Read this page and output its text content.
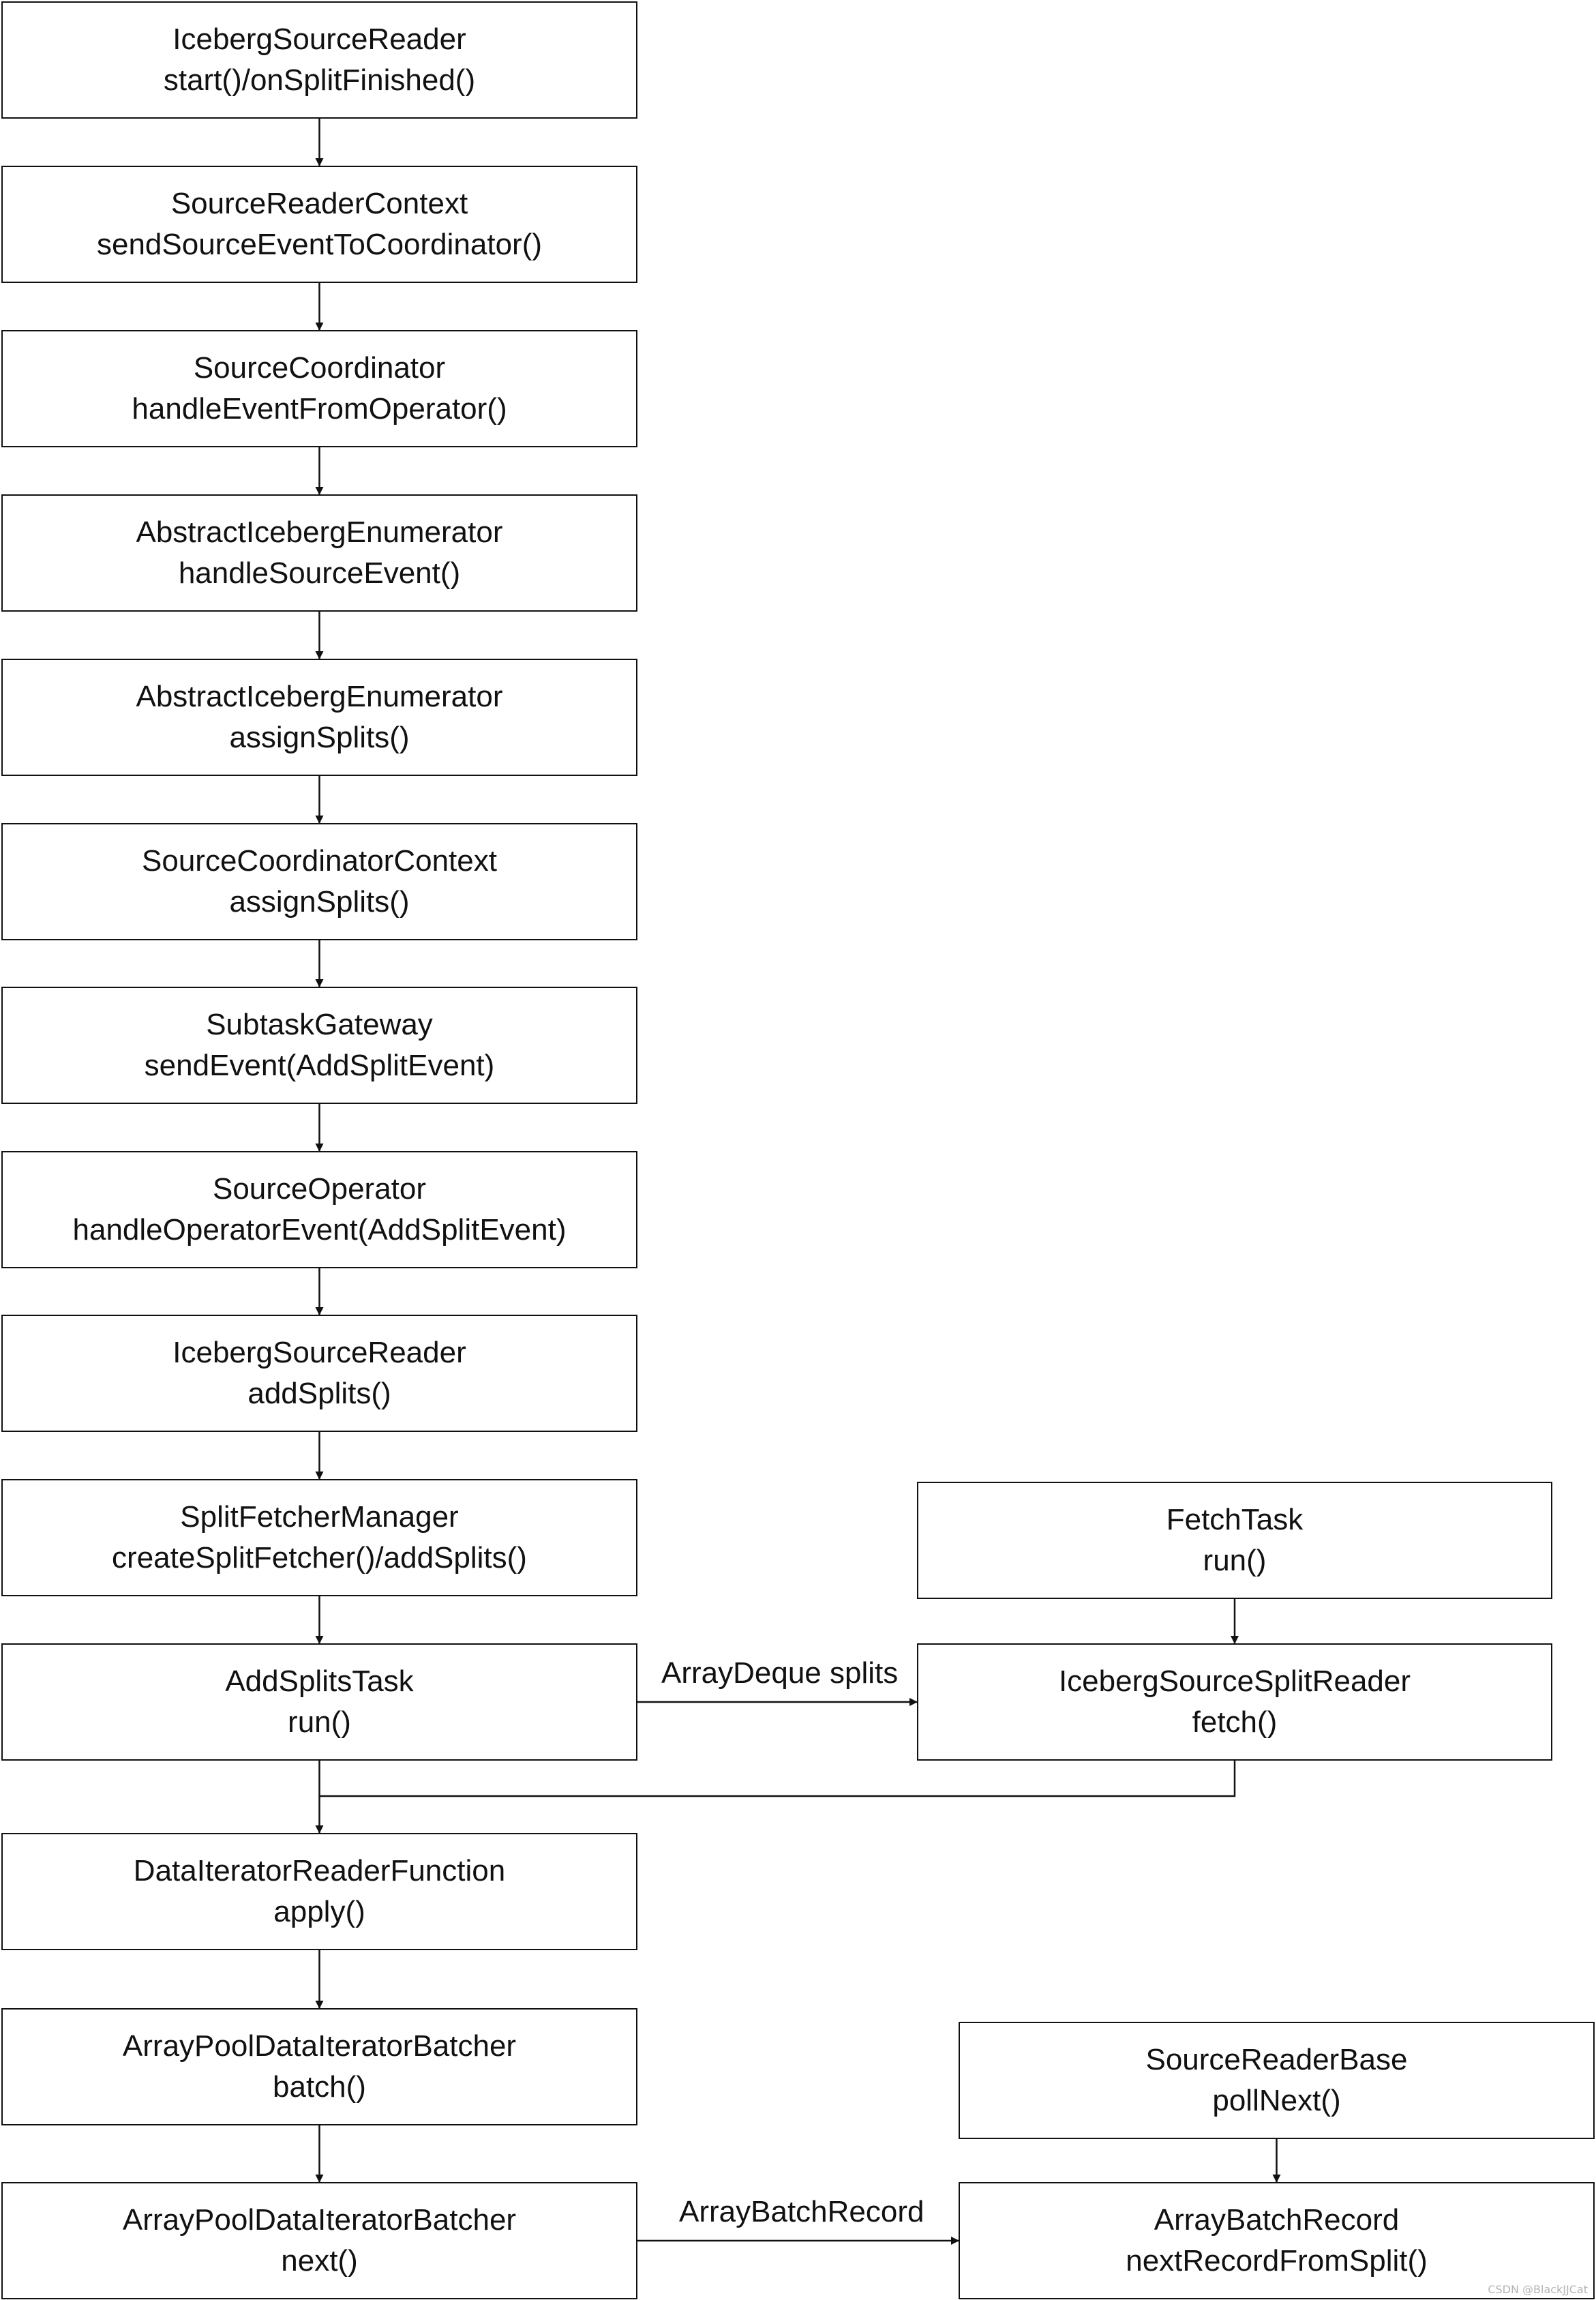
IcebergSourceReader
start()/onSplitFinished()
SourceReaderContext
sendSourceEventToCoordinator()
SourceCoordinator
handleEventFromOperator()
AbstractIcebergEnumerator
handleSourceEvent()
AbstractIcebergEnumerator
assignSplits()
SourceCoordinatorContext
assignSplits()
SubtaskGateway
sendEvent(AddSplitEvent)
SourceOperator
handleOperatorEvent(AddSplitEvent)
IcebergSourceReader
addSplits()
SplitFetcherManager
createSplitFetcher()/addSplits()
AddSplitsTask
run()
DataIteratorReaderFunction
apply()
ArrayPoolDataIteratorBatcher
batch()
ArrayPoolDataIteratorBatcher
next()
FetchTask
run()
IcebergSourceSplitReader
fetch()
SourceReaderBase
pollNext()
ArrayBatchRecord
nextRecordFromSplit()
ArrayDeque splits
ArrayBatchRecord
CSDN @BlackJJCat
